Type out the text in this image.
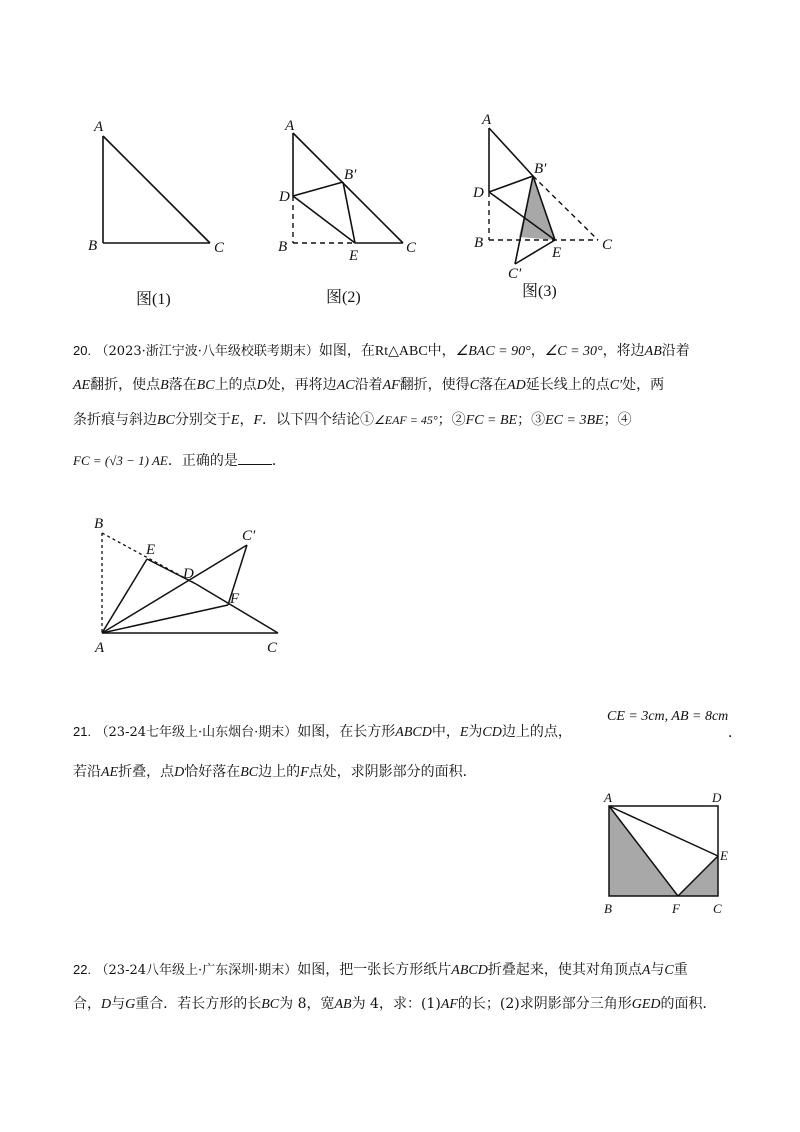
A
B	C
A
D
B′
B
E	C
A
D
B′
B
E	C
C′
图(1)	图(2)	图(3)
20. （2023·浙江宁波·八年级校联考期末）如图，在Rt△ABC中，∠BAC = 90°，∠C = 30°，将边AB沿着
AE翻折，使点B落在BC上的点D处，再将边AC沿着AF翻折，使得C落在AD延长线上的点C′处，两
条折痕与斜边BC分别交于E，F．以下四个结论①∠EAF = 45°；②FC = BE；③EC = 3BE；④
FC = (√3 − 1) AE．正确的是 ．
B
E
D
C′
F
A	C
21. （23-24七年级上·山东烟台·期末）如图，在长方形ABCD中，E为CD边上的点，
CE = 3cm, AB = 8cm
．
若沿AE折叠，点D恰好落在BC边上的F点处，求阴影部分的面积．
A	D
E
B	F	C
22. （23-24八年级上·广东深圳·期末）如图，把一张长方形纸片ABCD折叠起来，使其对角顶点A与C重
合，D与G重合．若长方形的长BC为 8，宽AB为 4，求：(1)AF的长；(2)求阴影部分三角形GED的面积．
